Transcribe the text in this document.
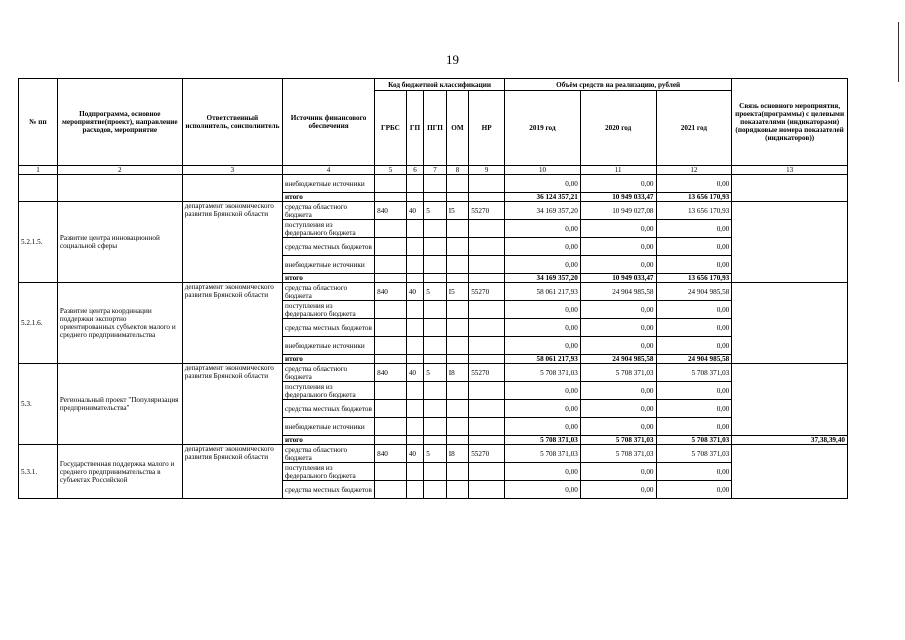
19
№ пп	Подпрограмма, основное мероприятие(проект), направление расходов, мероприятие	Ответственный исполнитель, соисполнитель	Источник финансового обеспечения	Код бюджетной классификации					Объём средств на реализацию, рублей			Связь основного мероприятия, проекта(программы) с целевыми показателями (индикаторами) (порядковые номера показателей (индикаторов))
				ГРБС	ГП	ПГП	ОМ	НР	2019 год	2020 год	2021 год	
1	2	3	4	5	6	7	8	9	10	11	12	13
			внебюджетные источники						0,00	0,00	0,00	
			итого						36 124 357,21	10 949 033,47	13 656 170,93	
5.2.1.5.	Развитие центра инновационной социальной сферы	департамент экономического развития Брянской области	средства областного бюджета	840	40	5	I5	55270	34 169 357,20	10 949 027,08	13 656 170,93	
			поступления из федерального бюджета						0,00	0,00	0,00	
			средства местных бюджетов						0,00	0,00	0,00	
			внебюджетные источники						0,00	0,00	0,00	
			итого						34 169 357,20	10 949 033,47	13 656 170,93	
5.2.1.6.	Развитие центра координации поддержки экспортно ориентированных субъектов малого и среднего предпринимательства	департамент экономического развития Брянской области	средства областного бюджета	840	40	5	I5	55270	58 061 217,93	24 904 985,58	24 904 985,58	
			поступления из федерального бюджета						0,00	0,00	0,00	
			средства местных бюджетов						0,00	0,00	0,00	
			внебюджетные источники						0,00	0,00	0,00	
			итого						58 061 217,93	24 904 985,58	24 904 985,58	
5.3.	Региональный проект "Популяризация предпринимательства"	департамент экономического развития Брянской области	средства областного бюджета	840	40	5	I8	55270	5 708 371,03	5 708 371,03	5 708 371,03	
			поступления из федерального бюджета						0,00	0,00	0,00	
			средства местных бюджетов						0,00	0,00	0,00	
			внебюджетные источники						0,00	0,00	0,00	
			итого						5 708 371,03	5 708 371,03	5 708 371,03	37,38,39,40
5.3.1.	Государственная поддержка малого и среднего предпринимательства в субъектах Российской	департамент экономического развития Брянской области	средства областного бюджета	840	40	5	I8	55270	5 708 371,03	5 708 371,03	5 708 371,03	
			поступления из федерального бюджета						0,00	0,00	0,00	
			средства местных бюджетов						0,00	0,00	0,00	
